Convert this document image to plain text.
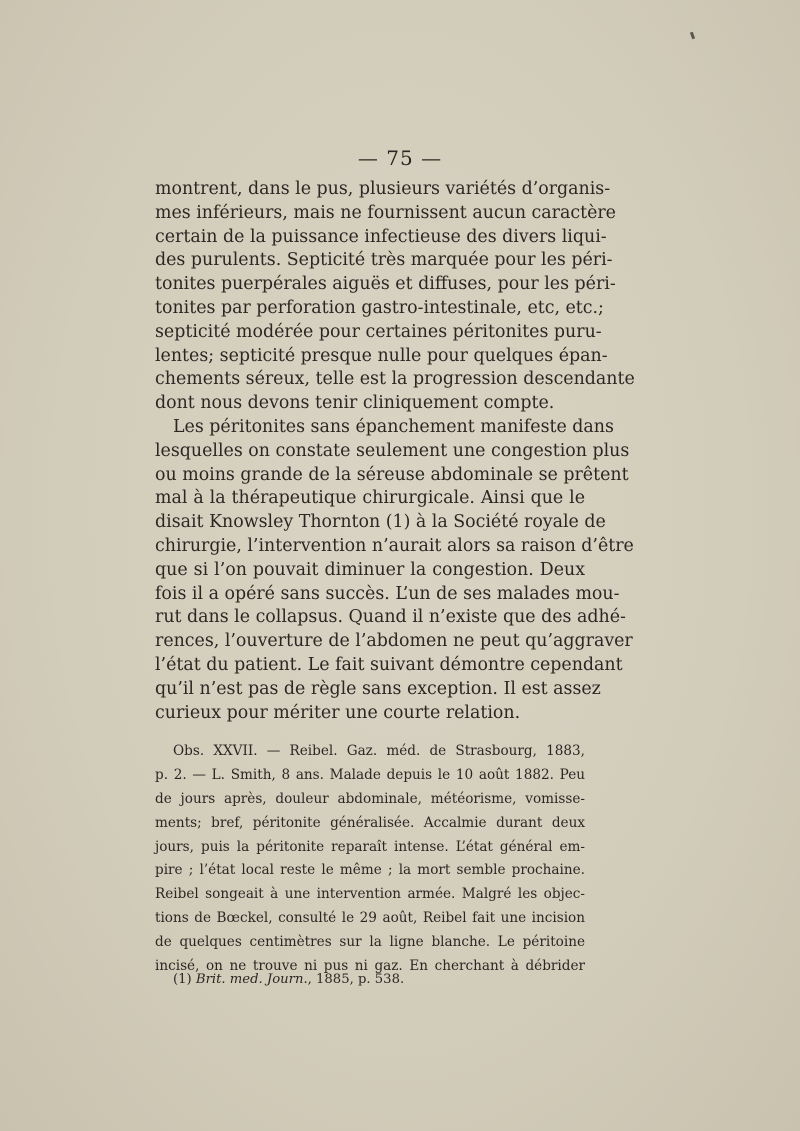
— 75 —
montrent, dans le pus, plusieurs variétés d’organis-
mes inférieurs, mais ne fournissent aucun caractère
certain de la puissance infectieuse des divers liqui-
des purulents. Septicité très marquée pour les péri-
tonites puerpérales aiguës et diffuses, pour les péri-
tonites par perforation gastro-intestinale, etc, etc.;
septicité modérée pour certaines péritonites puru-
lentes; septicité presque nulle pour quelques épan-
chements séreux, telle est la progression descendante
dont nous devons tenir cliniquement compte.
Les péritonites sans épanchement manifeste dans
lesquelles on constate seulement une congestion plus
ou moins grande de la séreuse abdominale se prêtent
mal à la thérapeutique chirurgicale. Ainsi que le
disait Knowsley Thornton (1) à la Société royale de
chirurgie, l’intervention n’aurait alors sa raison d’être
que si l’on pouvait diminuer la congestion. Deux
fois il a opéré sans succès. L’un de ses malades mou-
rut dans le collapsus. Quand il n’existe que des adhé-
rences, l’ouverture de l’abdomen ne peut qu’aggraver
l’état du patient. Le fait suivant démontre cependant
qu’il n’est pas de règle sans exception. Il est assez
curieux pour mériter une courte relation.
Obs. XXVII. — Reibel. Gaz. méd. de Strasbourg, 1883,
p. 2. — L. Smith, 8 ans. Malade depuis le 10 août 1882. Peu
de jours après, douleur abdominale, météorisme, vomisse-
ments; bref, péritonite généralisée. Accalmie durant deux
jours, puis la péritonite reparaît intense. L’état général em-
pire ; l’état local reste le même ; la mort semble prochaine.
Reibel songeait à une intervention armée. Malgré les objec-
tions de Bœckel, consulté le 29 août, Reibel fait une incision
de quelques centimètres sur la ligne blanche. Le péritoine
incisé, on ne trouve ni pus ni gaz. En cherchant à débrider
(1) Brit. med. Journ., 1885, p. 538.
